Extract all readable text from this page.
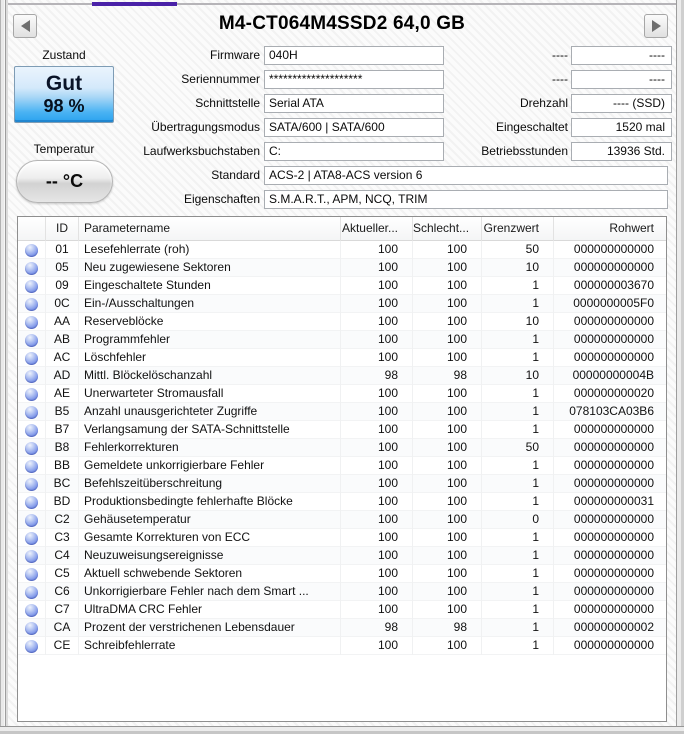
M4-CT064M4SSD2 64,0 GB
Zustand
Gut
98 %
Temperatur
-- °C
Firmware 040H
Seriennummer ********************
Schnittstelle Serial ATA
Übertragungsmodus SATA/600 | SATA/600
Laufwerksbuchstaben C:
----	----
----	----
Drehzahl	---- (SSD)
Eingeschaltet	1520 mal
Betriebsstunden	13936 Std.
Standard ACS-2 | ATA8-ACS version 6
Eigenschaften S.M.A.R.T., APM, NCQ, TRIM
ID	Parametername	Aktueller...	Schlecht...	Grenzwert	Rohwert
01	Lesefehlerrate (roh)	100	100	50	000000000000
05	Neu zugewiesene Sektoren	100	100	10	000000000000
09	Eingeschaltete Stunden	100	100	1	000000003670
0C	Ein-/Ausschaltungen	100	100	1	0000000005F0
AA	Reserveblöcke	100	100	10	000000000000
AB	Programmfehler	100	100	1	000000000000
AC	Löschfehler	100	100	1	000000000000
AD	Mittl. Blöckelöschanzahl	98	98	10	00000000004B
AE	Unerwarteter Stromausfall	100	100	1	000000000020
B5	Anzahl unausgerichteter Zugriffe	100	100	1	078103CA03B6
B7	Verlangsamung der SATA-Schnittstelle	100	100	1	000000000000
B8	Fehlerkorrekturen	100	100	50	000000000000
BB	Gemeldete unkorrigierbare Fehler	100	100	1	000000000000
BC	Befehlszeitüberschreitung	100	100	1	000000000000
BD	Produktionsbedingte fehlerhafte Blöcke	100	100	1	000000000031
C2	Gehäusetemperatur	100	100	0	000000000000
C3	Gesamte Korrekturen von ECC	100	100	1	000000000000
C4	Neuzuweisungsereignisse	100	100	1	000000000000
C5	Aktuell schwebende Sektoren	100	100	1	000000000000
C6	Unkorrigierbare Fehler nach dem Smart ...	100	100	1	000000000000
C7	UltraDMA CRC Fehler	100	100	1	000000000000
CA	Prozent der verstrichenen Lebensdauer	98	98	1	000000000002
CE	Schreibfehlerrate	100	100	1	000000000000
